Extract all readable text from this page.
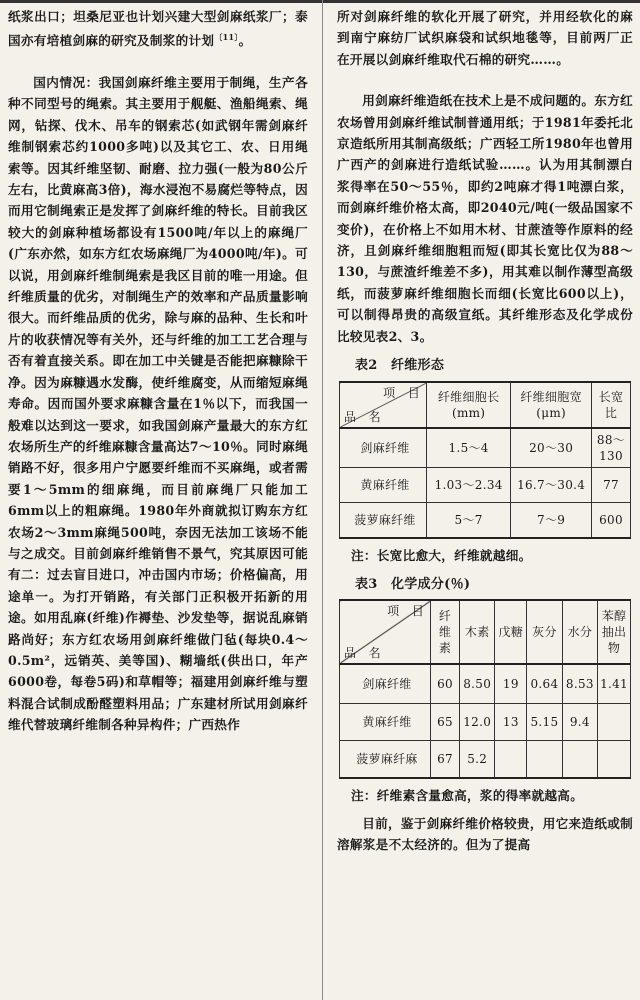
纸浆出口；坦桑尼亚也计划兴建大型剑麻纸浆厂；泰国亦有培植剑麻的研究及制浆的计划$^{〔11〕}$。

国内情况：我国剑麻纤维主要用于制绳，生产各种不同型号的绳索。其主要用于舰艇、渔船绳索、绳网，钻探、伐木、吊车的钢索芯(如武钢年需剑麻纤维制钢索芯约1000多吨)以及其它工、农、日用绳索等。因其纤维坚韧、耐磨、拉力强(一般为80公斤左右，比黄麻高3倍)，海水浸泡不易腐烂等特点，因而用它制绳索正是发挥了剑麻纤维的特长。目前我区较大的剑麻种植场都设有1500吨/年以上的麻绳厂(广东亦然，如东方红农场麻绳厂为4000吨/年)。可以说，用剑麻纤维制绳索是我区目前的唯一用途。但纤维质量的优劣，对制绳生产的效率和产品质量影响很大。而纤维品质的优劣，除与麻的品种、生长和叶片的收获情况等有关外，还与纤维的加工工艺合理与否有着直接关系。即在加工中关键是否能把麻糠除干净。因为麻糠遇水发酶，使纤维腐变，从而缩短麻绳寿命。因而国外要求麻糠含量在1％以下，而我国一般难以达到这一要求，如我国剑麻产量最大的东方红农场所生产的纤维麻糠含量高达7～10％。同时麻绳销路不好，很多用户宁愿要纤维而不买麻绳，或者需要1～5mm的细麻绳，而目前麻绳厂只能加工6mm以上的粗麻绳。1980年外商就拟订购东方红农场2～3mm麻绳500吨，奈因无法加工该场不能与之成交。目前剑麻纤维销售不景气，究其原因可能有二：过去盲目进口，冲击国内市场；价格偏高，用途单一。为打开销路，有关部门正积极开拓新的用途。如用乱麻(纤维)作褥垫、沙发垫等，据说乱麻销路尚好；东方红农场用剑麻纤维做门毡(每块0.4～0.5m²，远销英、美等国)、糊墙纸(供出口，年产6000卷，每卷5码)和草帽等；福建用剑麻纤维与塑料混合试制成酚醛塑料用品；广东建材所试用剑麻纤维代替玻璃纤维制各种异构件；广西热作

所对剑麻纤维的软化开展了研究，并用经软化的麻到南宁麻纺厂试织麻袋和试织地毯等，目前两厂正在开展以剑麻纤维取代石棉的研究……。

用剑麻纤维造纸在技术上是不成问题的。东方红农场曾用剑麻纤维试制普通用纸；于1981年委托北京造纸所用其制高级纸；广西轻工所1980年也曾用广西产的剑麻进行造纸试验……。认为用其制漂白浆得率在50～55％，即约2吨麻才得1吨漂白浆，而剑麻纤维价格太高，即2040元/吨(一级品国家不变价)，在价格上不如用木材、甘蔗渣等作原料的经济，且剑麻纤维细胞粗而短(即其长宽比仅为88～130，与蔗渣纤维差不多)，用其难以制作薄型高级纸，而菠萝麻纤维细胞长而细(长宽比600以上)，可以制得昂贵的高级宣纸。其纤维形态及化学成份比较见表2、3。

表2　纤维形态
项　目
品　名	纤维细胞长(mm)	纤维细胞宽(μm)	长宽比
剑麻纤维	1.5～4	20～30	88～130
黄麻纤维	1.03～2.34	16.7～30.4	77
菠萝麻纤维	5～7	7～9	600
注：长宽比愈大，纤维就越细。
表3　化学成分(％)
项　目
品　名	纤维素	木素	戊糖	灰分	水分	苯醇抽出物
剑麻纤维	60	8.50	19	0.64	8.53	1.41
黄麻纤维	65	12.0	13	5.15	9.4	
菠萝麻纤麻	67	5.2				
注：纤维素含量愈高，浆的得率就越高。

目前，鉴于剑麻纤维价格较贵，用它来造纸或制溶解浆是不太经济的。但为了提高
